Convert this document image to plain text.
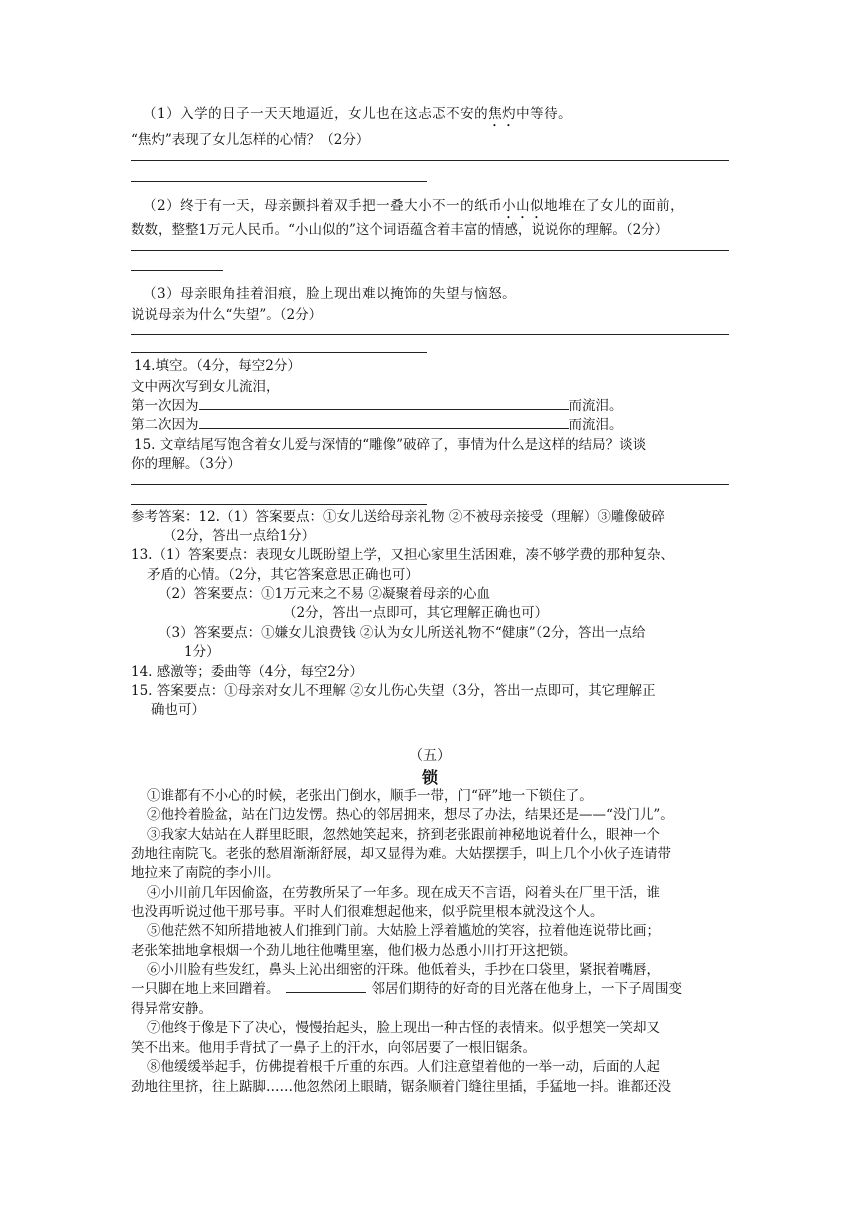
（1）入学的日子一天天地逼近，女儿也在这忐忑不安的焦灼中等待。
“焦灼”表现了女儿怎样的心情？（2分）
（2）终于有一天，母亲颤抖着双手把一叠大小不一的纸币小山似地堆在了女儿的面前，
数数，整整1万元人民币。“小山似的”这个词语蕴含着丰富的情感，说说你的理解。（2分）
（3）母亲眼角挂着泪痕，脸上现出难以掩饰的失望与恼怒。
说说母亲为什么“失望”。（2分）
14.填空。（4分，每空2分）
文中两次写到女儿流泪，
第一次因为	而流泪。
第二次因为	而流泪。
15. 文章结尾写饱含着女儿爱与深情的“雕像”破碎了，事情为什么是这样的结局？谈谈
你的理解。（3分）
参考答案：12.（1）答案要点：①女儿送给母亲礼物 ②不被母亲接受（理解）③雕像破碎
（2分，答出一点给1分）
13.（1）答案要点：表现女儿既盼望上学，又担心家里生活困难，凑不够学费的那种复杂、
矛盾的心情。（2分，其它答案意思正确也可）
（2）答案要点：①1万元来之不易 ②凝聚着母亲的心血
（2分，答出一点即可，其它理解正确也可）
（3）答案要点：①嫌女儿浪费钱 ②认为女儿所送礼物不“健康”（2分，答出一点给
1分）
14. 感激等；委曲等（4分，每空2分）
15. 答案要点：①母亲对女儿不理解 ②女儿伤心失望（3分，答出一点即可，其它理解正
确也可）
（五）
锁
①谁都有不小心的时候，老张出门倒水，顺手一带，门“砰”地一下锁住了。
②他拎着脸盆，站在门边发愣。热心的邻居拥来，想尽了办法，结果还是——“没门儿”。
③我家大姑站在人群里眨眼，忽然她笑起来，挤到老张跟前神秘地说着什么，眼神一个
劲地往南院飞。老张的愁眉渐渐舒展，却又显得为难。大姑摆摆手，叫上几个小伙子连请带
地拉来了南院的李小川。
④小川前几年因偷盗，在劳教所呆了一年多。现在成天不言语，闷着头在厂里干活，谁
也没再听说过他干那号事。平时人们很难想起他来，似乎院里根本就没这个人。
⑤他茫然不知所措地被人们推到门前。大姑脸上浮着尴尬的笑容，拉着他连说带比画；
老张笨拙地拿根烟一个劲儿地往他嘴里塞，他们极力怂恿小川打开这把锁。
⑥小川脸有些发红，鼻头上沁出细密的汗珠。他低着头，手抄在口袋里，紧抿着嘴唇，
一只脚在地上来回蹭着。	邻居们期待的好奇的目光落在他身上，一下子周围变
得异常安静。
⑦他终于像是下了决心，慢慢抬起头，脸上现出一种古怪的表情来。似乎想笑一笑却又
笑不出来。他用手背拭了一鼻子上的汗水，向邻居要了一根旧锯条。
⑧他缓缓举起手，仿佛提着根千斤重的东西。人们注意望着他的一举一动，后面的人起
劲地往里挤，往上踮脚……他忽然闭上眼睛，锯条顺着门缝往里插，手猛地一抖。谁都还没
